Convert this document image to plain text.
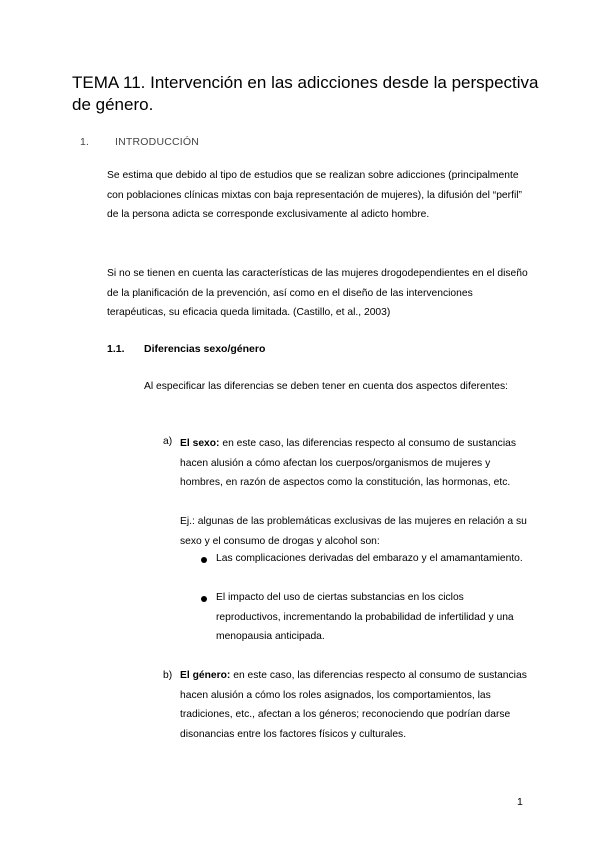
TEMA 11. Intervención en las adicciones desde la perspectiva de género.
1. INTRODUCCIÓN

Se estima que debido al tipo de estudios que se realizan sobre adicciones (principalmente con poblaciones clínicas mixtas con baja representación de mujeres), la difusión del “perfil” de la persona adicta se corresponde exclusivamente al adicto hombre.

Si no se tienen en cuenta las características de las mujeres drogodependientes en el diseño de la planificación de la prevención, así como en el diseño de las intervenciones terapéuticas, su eficacia queda limitada. (Castillo, et al., 2003)

1.1. Diferencias sexo/género

Al especificar las diferencias se deben tener en cuenta dos aspectos diferentes:

a) El sexo: en este caso, las diferencias respecto al consumo de sustancias hacen alusión a cómo afectan los cuerpos/organismos de mujeres y hombres, en razón de aspectos como la constitución, las hormonas, etc.

Ej.: algunas de las problemáticas exclusivas de las mujeres en relación a su sexo y el consumo de drogas y alcohol son:

Las complicaciones derivadas del embarazo y el amamantamiento.

El impacto del uso de ciertas substancias en los ciclos reproductivos, incrementando la probabilidad de infertilidad y una menopausia anticipada.

b) El género: en este caso, las diferencias respecto al consumo de sustancias hacen alusión a cómo los roles asignados, los comportamientos, las tradiciones, etc., afectan a los géneros; reconociendo que podrían darse disonancias entre los factores físicos y culturales.

1
